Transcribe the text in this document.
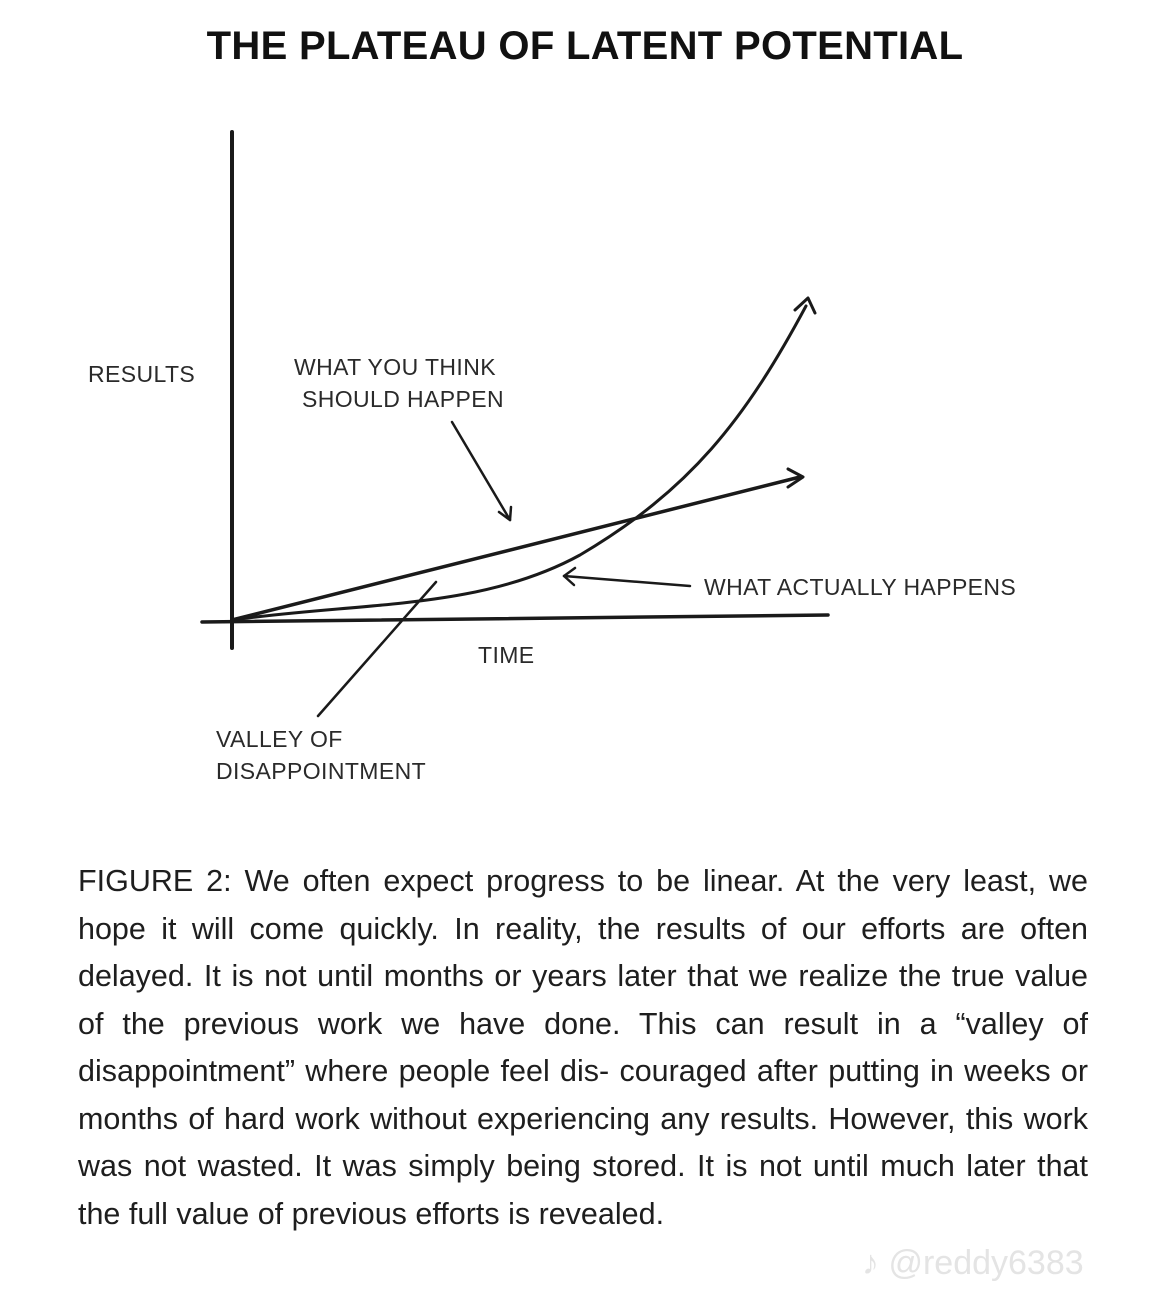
THE PLATEAU OF LATENT POTENTIAL
RESULTS	WHAT YOU THINK
SHOULD HAPPEN
WHAT ACTUALLY HAPPENS
TIME
VALLEY OF
DISAPPOINTMENT
FIGURE 2: We often expect progress to be linear. At the very least, we hope it will come quickly. In reality, the results of our efforts are often delayed. It is not until months or years later that we realize the true value of the previous work we have done. This can result in a “valley of disappointment” where people feel dis- couraged after putting in weeks or months of hard work without experiencing any results. However, this work was not wasted. It was simply being stored. It is not until much later that the full value of previous efforts is revealed.
♪ @reddy6383
